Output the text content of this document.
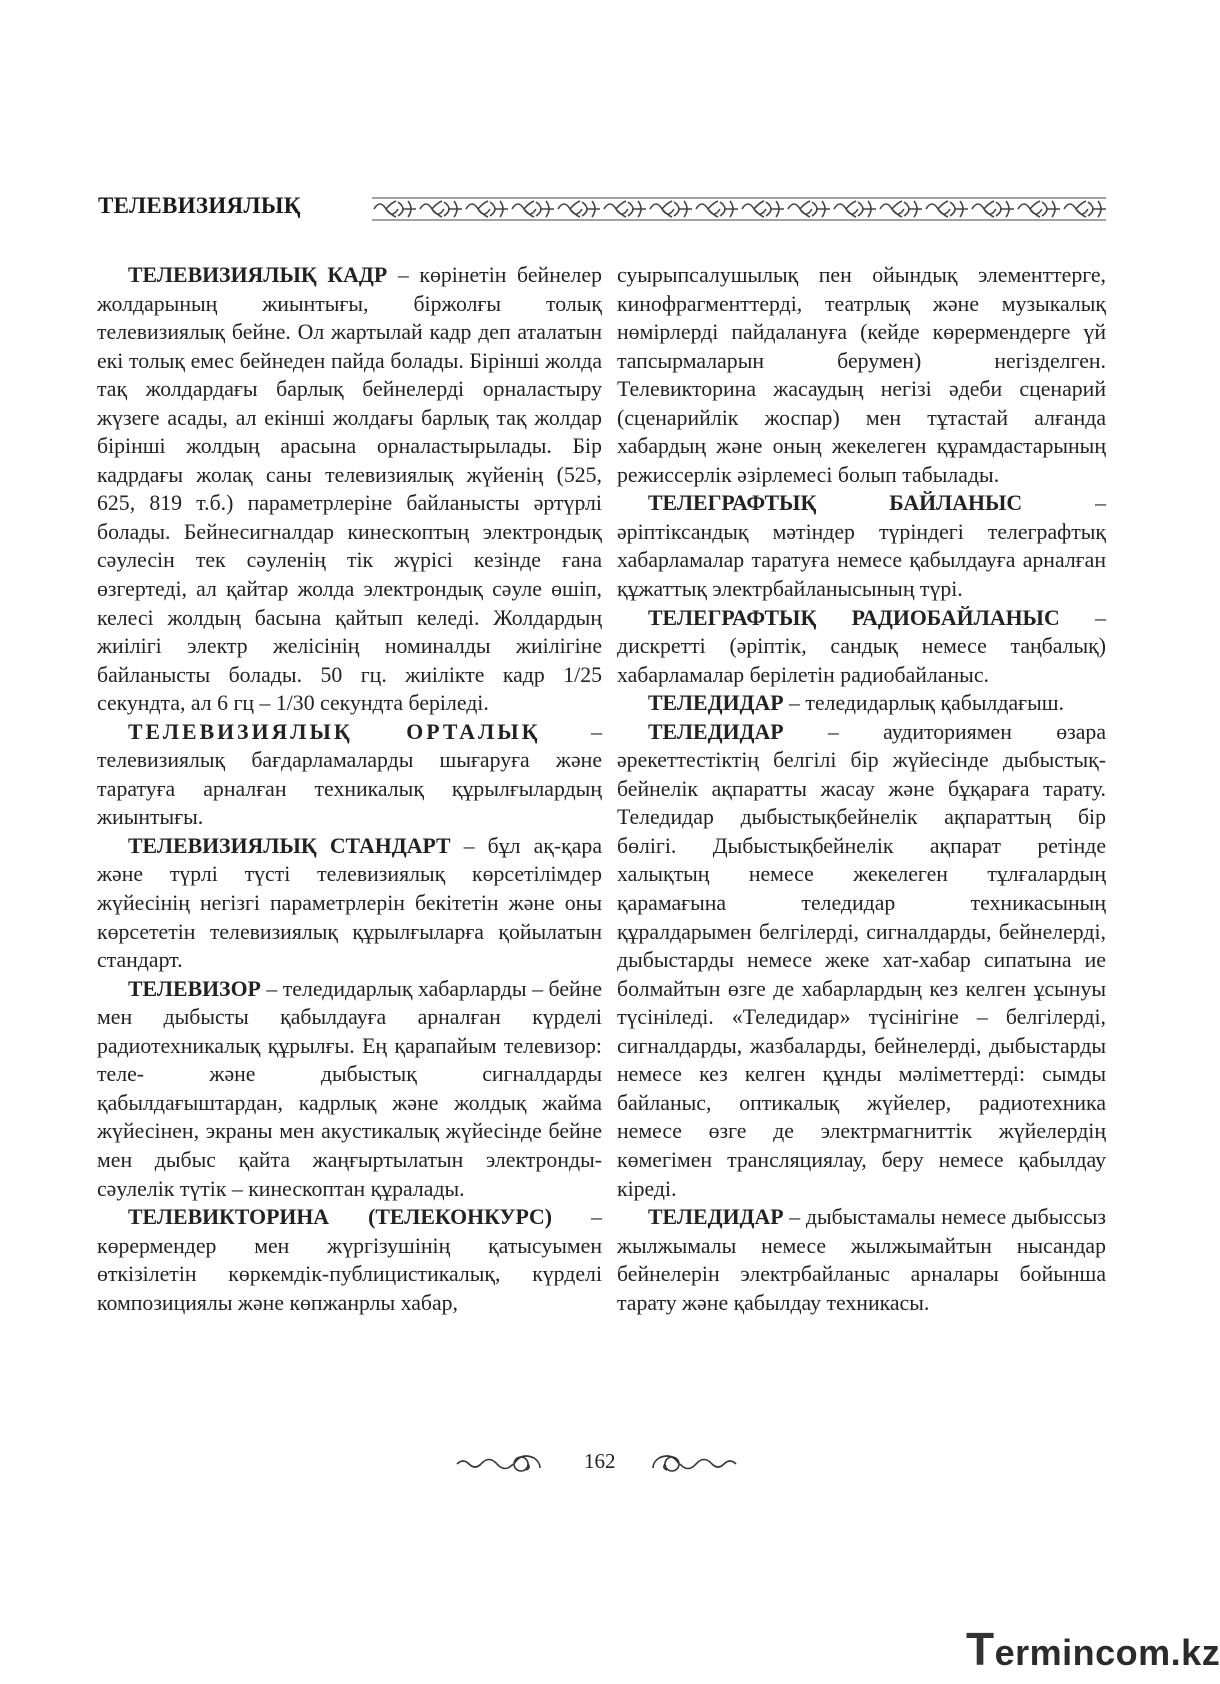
ТЕЛЕВИЗИЯЛЫҚ

ТЕЛЕВИЗИЯЛЫҚ КАДР – көрінетін бейнелер жолдарының жиынтығы, біржолғы толық телевизиялық бейне. Ол жартылай кадр деп аталатын екі толық емес бейнеден пайда болады. Бірінші жолда тақ жолдардағы барлық бейнелерді орналастыру жүзеге асады, ал екінші жолдағы барлық тақ жолдар бірінші жолдың арасына орналастырылады. Бір кадрдағы жолақ саны телевизиялық жүйенің (525, 625, 819 т.б.) параметрлеріне байланысты әртүрлі болады. Бейнесигналдар кинескоптың электрондық сәулесін тек сәуленің тік жүрісі кезінде ғана өзгертеді, ал қайтар жолда электрондық сәуле өшіп, келесі жолдың басына қайтып келеді. Жолдардың жиілігі электр желісінің номиналды жиілігіне байланысты болады. 50 гц. жиілікте кадр 1/25 секундта, ал 6 гц – 1/30 секундта беріледі.

ТЕЛЕВИЗИЯЛЫҚ ОРТАЛЫҚ – телевизиялық бағдарламаларды шығаруға және таратуға арналған техникалық құрылғылардың жиынтығы.

ТЕЛЕВИЗИЯЛЫҚ СТАНДАРТ – бұл ақ-қара және түрлі түсті телевизиялық көрсетілімдер жүйесінің негізгі параметрлерін бекітетін және оны көрсететін телевизиялық құрылғыларға қойылатын стандарт.

ТЕЛЕВИЗОР – теледидарлық хабарларды – бейне мен дыбысты қабылдауға арналған күрделі радиотехникалық құрылғы. Ең қарапайым телевизор: теле- және дыбыстық сигналдарды қабылдағыштардан, кадрлық және жолдық жайма жүйесінен, экраны мен акустикалық жүйесінде бейне мен дыбыс қайта жаңғыртылатын электронды-сәулелік түтік – кинескоптан құралады.

ТЕЛЕВИКТОРИНА (ТЕЛЕКОНКУРС) – көрермендер мен жүргізушінің қатысуымен өткізілетін көркемдік-публицистикалық, күрделі композициялы және көпжанрлы хабар,

суырыпсалушылық пен ойындық элементтерге, кинофрагменттерді, театрлық және музыкалық нөмірлерді пайдалануға (кейде көрермендерге үй тапсырмаларын берумен) негізделген. Телевикторина жасаудың негізі әдеби сценарий (сценарийлік жоспар) мен тұтастай алғанда хабардың және оның жекелеген құрамдастарының режиссерлік әзірлемесі болып табылады.

ТЕЛЕГРАФТЫҚ БАЙЛАНЫС – әріптіксандық мәтіндер түріндегі телеграфтық хабарламалар таратуға немесе қабылдауға арналған құжаттық электрбайланысының түрі.

ТЕЛЕГРАФТЫҚ РАДИОБАЙЛАНЫС – дискретті (әріптік, сандық немесе таңбалық) хабарламалар берілетін радиобайланыс.

ТЕЛЕДИДАР – теледидарлық қабылдағыш.

ТЕЛЕДИДАР – аудиториямен өзара әрекеттестіктің белгілі бір жүйесінде дыбыстық-бейнелік ақпаратты жасау және бұқараға тарату. Теледидар дыбыстықбейнелік ақпараттың бір бөлігі. Дыбыстықбейнелік ақпарат ретінде халықтың немесе жекелеген тұлғалардың қарамағына теледидар техникасының құралдарымен белгілерді, сигналдарды, бейнелерді, дыбыстарды немесе жеке хат-хабар сипатына ие болмайтын өзге де хабарлардың кез келген ұсынуы түсініледі. «Теледидар» түсінігіне – белгілерді, сигналдарды, жазбаларды, бейнелерді, дыбыстарды немесе кез келген құнды мәліметтерді: сымды байланыс, оптикалық жүйелер, радиотехника немесе өзге де электрмагниттік жүйелердің көмегімен трансляциялау, беру немесе қабылдау кіреді.

ТЕЛЕДИДАР – дыбыстамалы немесе дыбыссыз жылжымалы немесе жылжымайтын нысандар бейнелерін электрбайланыс арналары бойынша тарату және қабылдау техникасы.

162
Termincom.kz
